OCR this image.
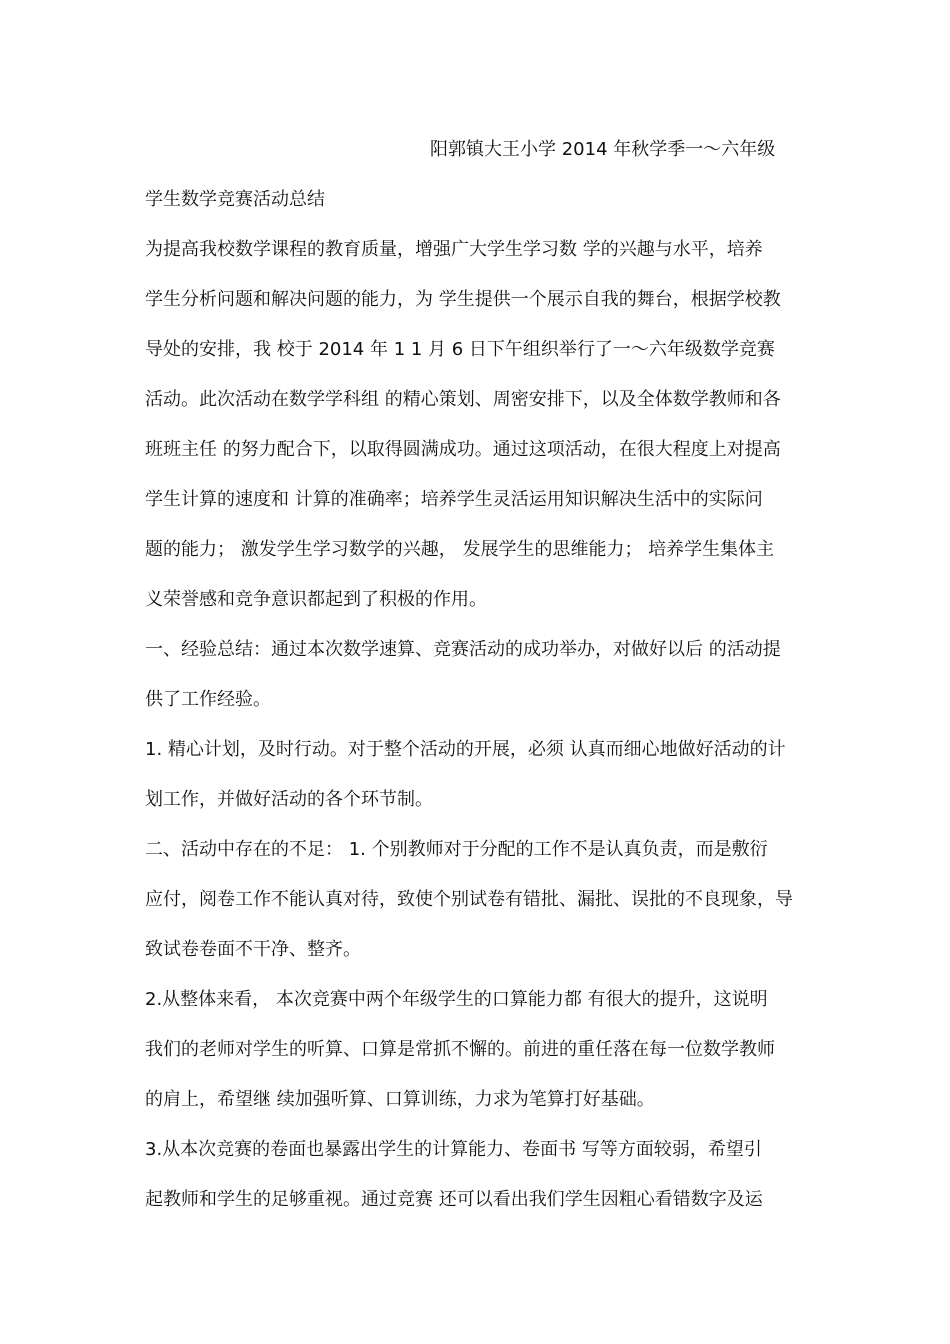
阳郭镇大王小学 2014 年秋学季一～六年级
学生数学竞赛活动总结
为提高我校数学课程的教育质量，增强广大学生学习数 学的兴趣与水平，培养
学生分析问题和解决问题的能力，为 学生提供一个展示自我的舞台，根据学校教
导处的安排，我 校于 2014 年 1 1 月 6 日下午组织举行了一～六年级数学竞赛
活动。此次活动在数学学科组 的精心策划、周密安排下，以及全体数学教师和各
班班主任 的努力配合下，以取得圆满成功。通过这项活动，在很大程度上对提高
学生计算的速度和 计算的准确率；培养学生灵活运用知识解决生活中的实际问
题的能力； 激发学生学习数学的兴趣， 发展学生的思维能力； 培养学生集体主
义荣誉感和竞争意识都起到了积极的作用。
一、经验总结：通过本次数学速算、竞赛活动的成功举办，对做好以后 的活动提
供了工作经验。
1. 精心计划，及时行动。对于整个活动的开展，必须 认真而细心地做好活动的计
划工作，并做好活动的各个环节制。
二、活动中存在的不足： 1. 个别教师对于分配的工作不是认真负责，而是敷衍
应付，阅卷工作不能认真对待，致使个别试卷有错批、漏批、误批的不良现象，导
致试卷卷面不干净、整齐。
2.从整体来看， 本次竞赛中两个年级学生的口算能力都 有很大的提升，这说明
我们的老师对学生的听算、口算是常抓不懈的。前进的重任落在每一位数学教师
的肩上，希望继 续加强听算、口算训练，力求为笔算打好基础。
3.从本次竞赛的卷面也暴露出学生的计算能力、卷面书 写等方面较弱，希望引
起教师和学生的足够重视。通过竞赛 还可以看出我们学生因粗心看错数字及运
